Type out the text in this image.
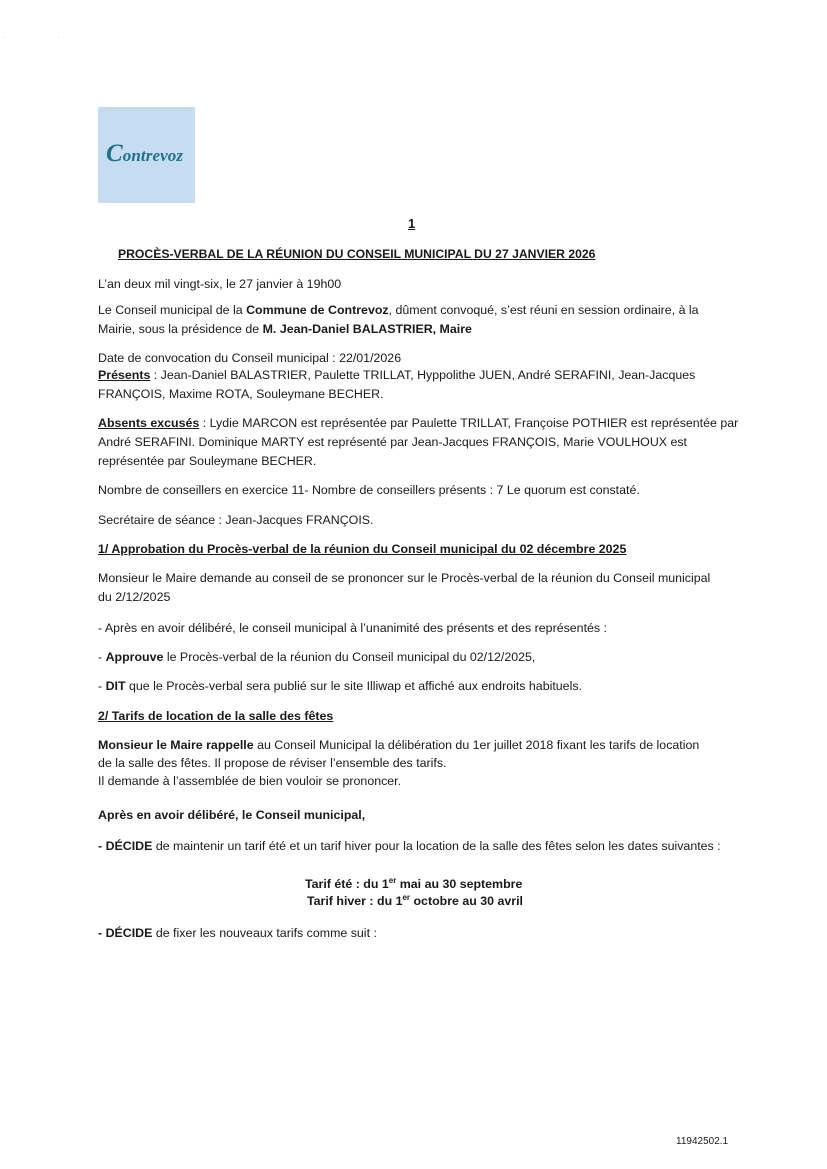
·                               ·
Contrevoz
1
PROCÈS-VERBAL DE LA RÉUNION DU CONSEIL MUNICIPAL DU 27 JANVIER 2026
L’an deux mil vingt-six, le 27 janvier à 19h00
Le Conseil municipal de la Commune de Contrevoz, dûment convoqué, s’est réuni en session ordinaire, à la
Mairie, sous la présidence de M. Jean-Daniel BALASTRIER, Maire
Date de convocation du Conseil municipal : 22/01/2026
Présents : Jean-Daniel BALASTRIER, Paulette TRILLAT, Hyppolithe JUEN, André SERAFINI, Jean-Jacques
FRANÇOIS, Maxime ROTA, Souleymane BECHER.
Absents excusés : Lydie MARCON est représentée par Paulette TRILLAT, Françoise POTHIER est représentée par
André SERAFINI. Dominique MARTY est représenté par Jean-Jacques FRANÇOIS, Marie VOULHOUX est
représentée par Souleymane BECHER.
Nombre de conseillers en exercice 11- Nombre de conseillers présents : 7 Le quorum est constaté.
Secrétaire de séance : Jean-Jacques FRANÇOIS.
1/ Approbation du Procès-verbal de la réunion du Conseil municipal du 02 décembre 2025
Monsieur le Maire demande au conseil de se prononcer sur le Procès-verbal de la réunion du Conseil municipal
du 2/12/2025
- Après en avoir délibéré, le conseil municipal à l’unanimité des présents et des représentés :
- Approuve le Procès-verbal de la réunion du Conseil municipal du 02/12/2025,
- DIT que le Procès-verbal sera publié sur le site Illiwap et affiché aux endroits habituels.
2/ Tarifs de location de la salle des fêtes
Monsieur le Maire rappelle au Conseil Municipal la délibération du 1er juillet 2018 fixant les tarifs de location
de la salle des fêtes. Il propose de réviser l’ensemble des tarifs.
Il demande à l’assemblée de bien vouloir se prononcer.
Après en avoir délibéré, le Conseil municipal,
- DÉCIDE de maintenir un tarif été et un tarif hiver pour la location de la salle des fêtes selon les dates suivantes :
Tarif été : du 1er mai au 30 septembre
Tarif hiver : du 1er octobre au 30 avril
- DÉCIDE de fixer les nouveaux tarifs comme suit :
11942502.1
